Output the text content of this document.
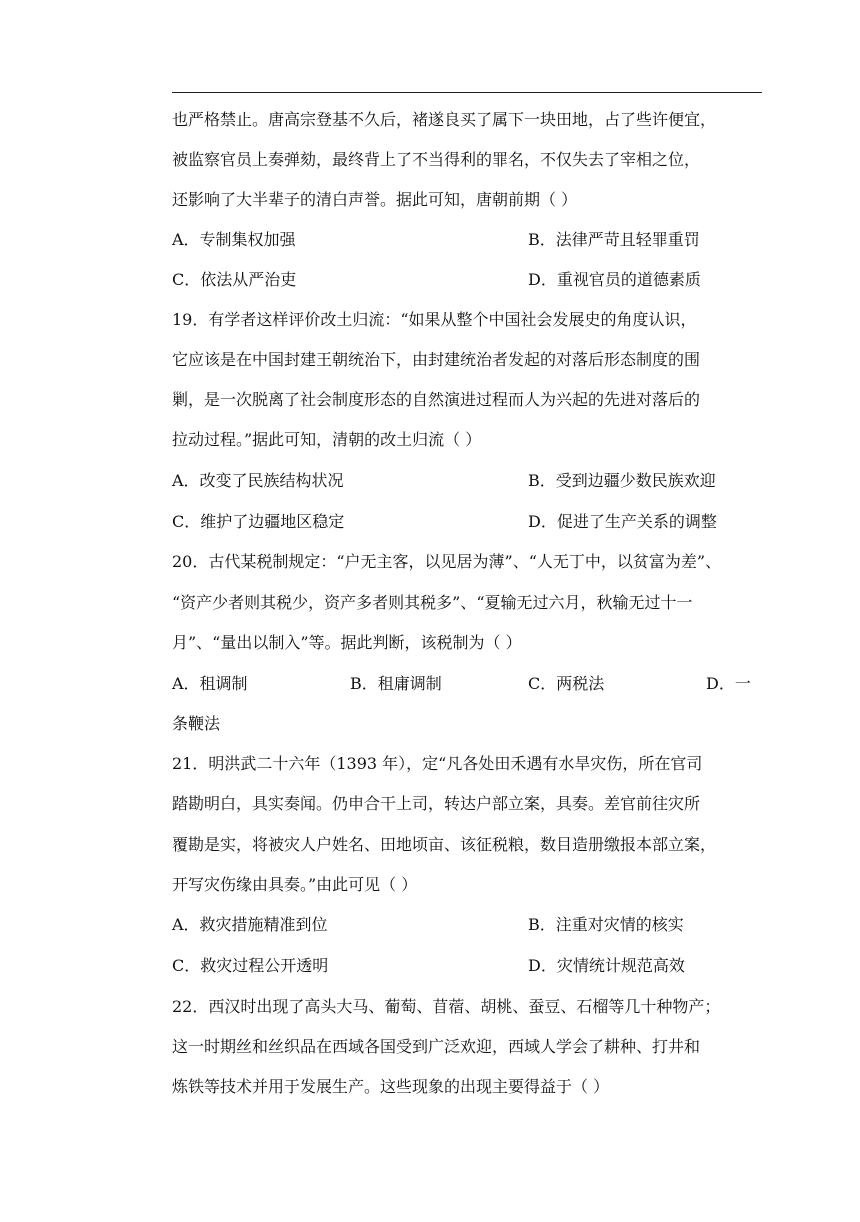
也严格禁止。唐高宗登基不久后，褚遂良买了属下一块田地，占了些许便宜，
被监察官员上奏弹劾，最终背上了不当得利的罪名，不仅失去了宰相之位，
还影响了大半辈子的清白声誉。据此可知，唐朝前期（ ）
A．专制集权加强	B．法律严苛且轻罪重罚
C．依法从严治吏	D．重视官员的道德素质
19．有学者这样评价改土归流：“如果从整个中国社会发展史的角度认识，
它应该是在中国封建王朝统治下，由封建统治者发起的对落后形态制度的围
剿，是一次脱离了社会制度形态的自然演进过程而人为兴起的先进对落后的
拉动过程。”据此可知，清朝的改土归流（ ）
A．改变了民族结构状况	B．受到边疆少数民族欢迎
C．维护了边疆地区稳定	D．促进了生产关系的调整
20．古代某税制规定：“户无主客，以见居为薄”、“人无丁中，以贫富为差”、
“资产少者则其税少，资产多者则其税多”、“夏输无过六月，秋输无过十一
月”、“量出以制入”等。据此判断，该税制为（ ）
A．租调制	B．租庸调制	C．两税法	D．一
条鞭法
21．明洪武二十六年（1393 年），定“凡各处田禾遇有水旱灾伤，所在官司
踏勘明白，具实奏闻。仍申合干上司，转达户部立案，具奏。差官前往灾所
覆勘是实，将被灾人户姓名、田地顷亩、该征税粮，数目造册缴报本部立案，
开写灾伤缘由具奏。”由此可见（ ）
A．救灾措施精准到位	B．注重对灾情的核实
C．救灾过程公开透明	D．灾情统计规范高效
22．西汉时出现了高头大马、葡萄、苜蓿、胡桃、蚕豆、石榴等几十种物产；
这一时期丝和丝织品在西域各国受到广泛欢迎，西域人学会了耕种、打井和
炼铁等技术并用于发展生产。这些现象的出现主要得益于（ ）
